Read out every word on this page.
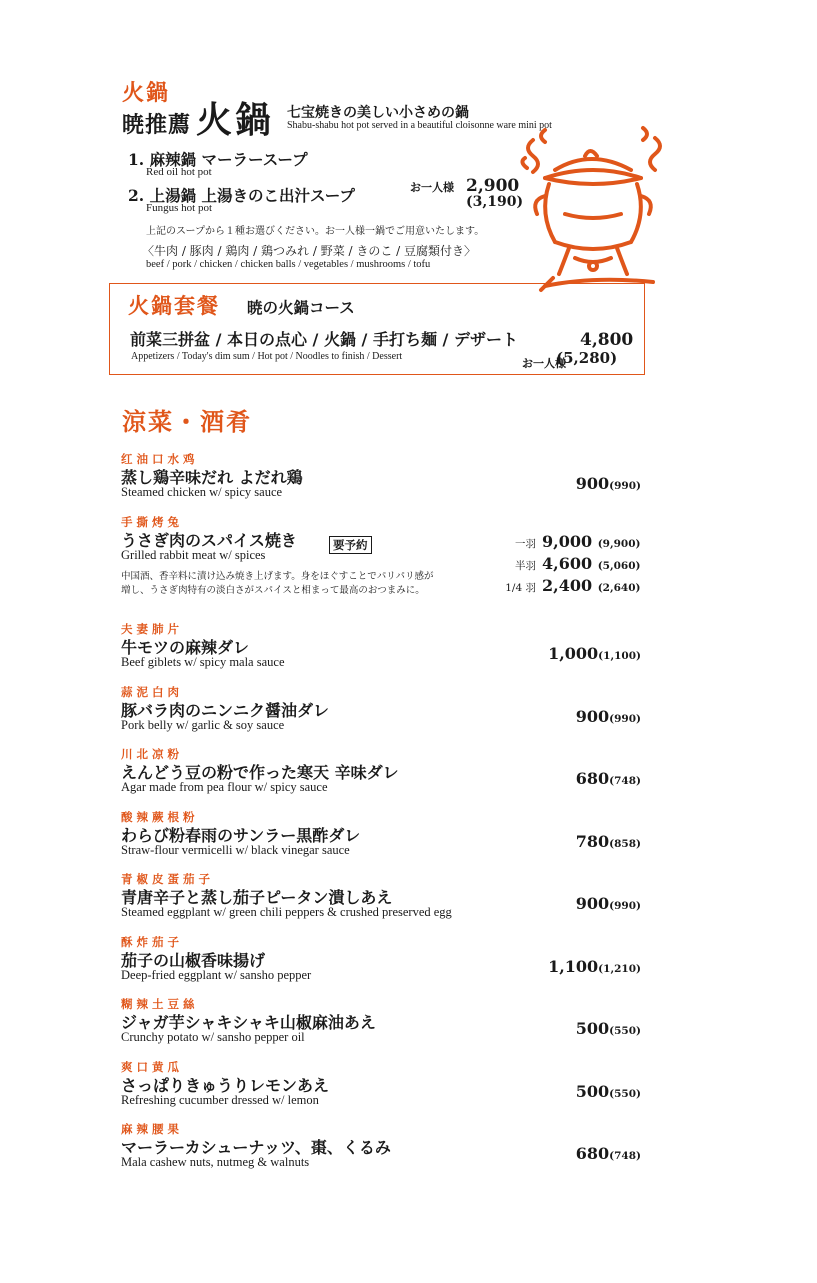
火鍋
暁推薦 火鍋 七宝焼きの美しい小さめの鍋
Shabu-shabu hot pot served in a beautiful cloisonne ware mini pot
1. 麻辣鍋 マーラースープ
Red oil hot pot
2. 上湯鍋 上湯きのこ出汁スープ
Fungus hot pot
お一人様 2,900
(3,190)
上記のスープから１種お選びください。お一人様一鍋でご用意いたします。
〈牛肉 / 豚肉 / 鶏肉 / 鶏つみれ / 野菜 / きのこ / 豆腐類付き〉
beef / pork / chicken / chicken balls / vegetables / mushrooms / tofu
火鍋套餐 暁の火鍋コース
前菜三拼盆 / 本日の点心 / 火鍋 / 手打ち麺 / デザート
Appetizers / Today's dim sum / Hot pot / Noodles to finish / Dessert
4,800
お一人様
(5,280)
涼菜・酒肴
红油口水鸡
蒸し鶏辛味だれ よだれ鶏
Steamed chicken w/ spicy sauce	900(990)
手撕烤兔
うさぎ肉のスパイス焼き
Grilled rabbit meat w/ spices
要予約
中国酒、香辛料に漬け込み焼き上げます。身をほぐすことでパリパリ感が増し、うさぎ肉特有の淡白さがスパイスと相まって最高のおつまみに。
一羽 9,000 (9,900)
半羽 4,600 (5,060)
1/4 羽 2,400 (2,640)
夫妻肺片
牛モツの麻辣ダレ
Beef giblets w/ spicy mala sauce	1,000(1,100)
蒜泥白肉
豚バラ肉のニンニク醤油ダレ
Pork belly w/ garlic & soy sauce	900(990)
川北凉粉
えんどう豆の粉で作った寒天 辛味ダレ
Agar made from pea flour w/ spicy sauce	680(748)
酸辣蕨根粉
わらび粉春雨のサンラー黒酢ダレ
Straw-flour vermicelli w/ black vinegar sauce	780(858)
青椒皮蛋茄子
青唐辛子と蒸し茄子ピータン潰しあえ
Steamed eggplant w/ green chili peppers & crushed preserved egg	900(990)
酥炸茄子
茄子の山椒香味揚げ
Deep-fried eggplant w/ sansho pepper	1,100(1,210)
糊辣土豆絲
ジャガ芋シャキシャキ山椒麻油あえ
Crunchy potato w/ sansho pepper oil	500(550)
爽口黄瓜
さっぱりきゅうりレモンあえ
Refreshing cucumber dressed w/ lemon	500(550)
麻辣腰果
マーラーカシューナッツ、棗、くるみ
Mala cashew nuts, nutmeg & walnuts	680(748)
